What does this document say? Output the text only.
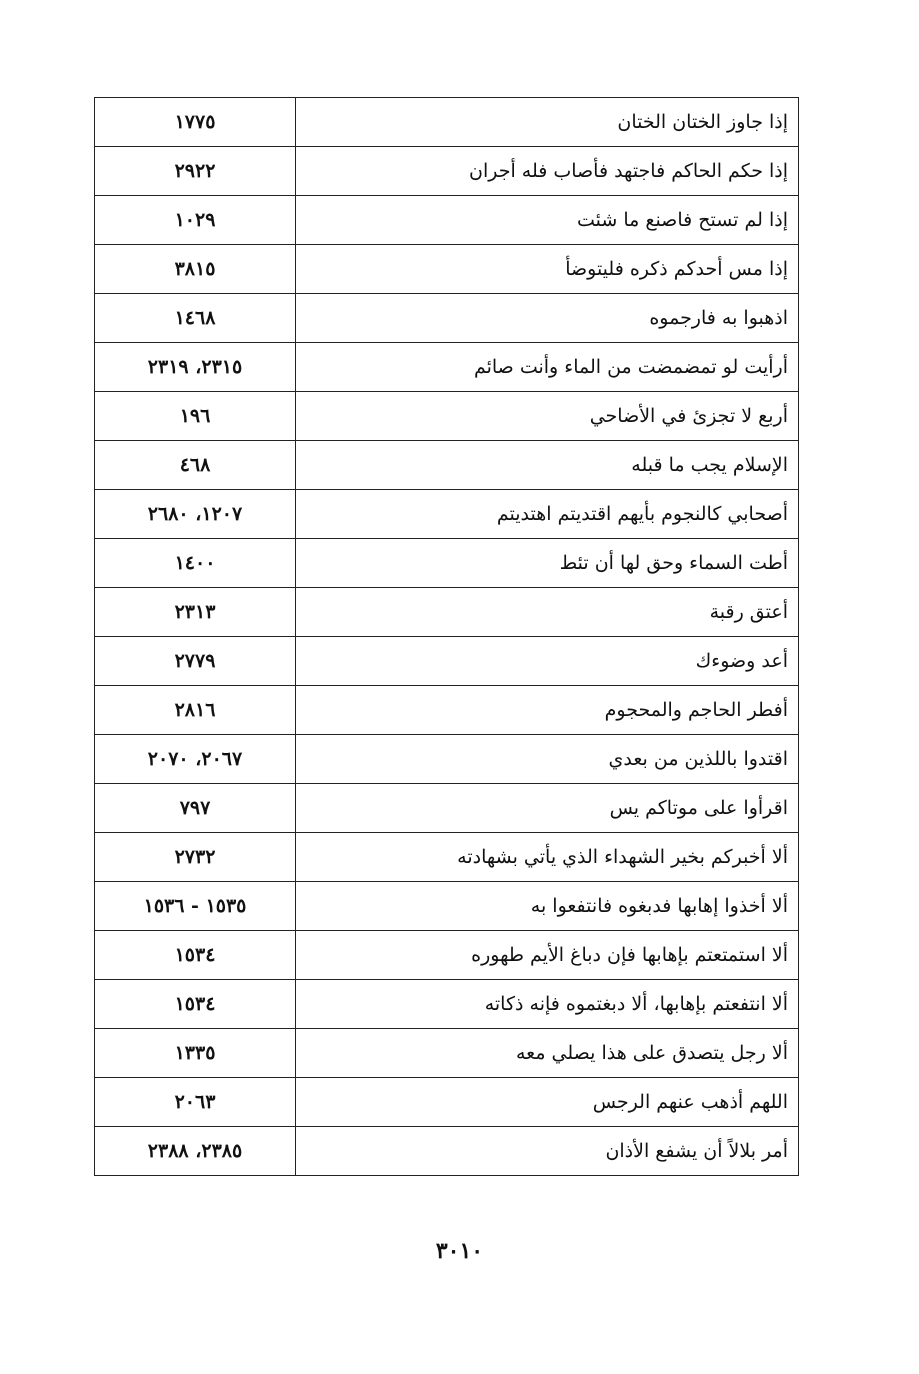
إذا جاوز الختان الختان	١٧٧٥
إذا حكم الحاكم فاجتهد فأصاب فله أجران	٢٩٢٢
إذا لم تستح فاصنع ما شئت	١٠٢٩
إذا مس أحدكم ذكره فليتوضأ	٣٨١٥
اذهبوا به فارجموه	١٤٦٨
أرأيت لو تمضمضت من الماء وأنت صائم	٢٣١٥، ٢٣١٩
أربع لا تجزئ في الأضاحي	١٩٦
الإسلام يجب ما قبله	٤٦٨
أصحابي كالنجوم بأيهم اقتديتم اهتديتم	١٢٠٧، ٢٦٨٠
أطت السماء وحق لها أن تئط	١٤٠٠
أعتق رقبة	٢٣١٣
أعد وضوءك	٢٧٧٩
أفطر الحاجم والمحجوم	٢٨١٦
اقتدوا باللذين من بعدي	٢٠٦٧، ٢٠٧٠
اقرأوا على موتاكم يس	٧٩٧
ألا أخبركم بخير الشهداء الذي يأتي بشهادته	٢٧٣٢
ألا أخذوا إهابها فدبغوه فانتفعوا به	١٥٣٥ - ١٥٣٦
ألا استمتعتم بإهابها فإن دباغ الأيم طهوره	١٥٣٤
ألا انتفعتم بإهابها، ألا دبغتموه فإنه ذكاته	١٥٣٤
ألا رجل يتصدق على هذا يصلي معه	١٣٣٥
اللهم أذهب عنهم الرجس	٢٠٦٣
أمر بلالاً أن يشفع الأذان	٢٣٨٥، ٢٣٨٨
٣٠١٠
